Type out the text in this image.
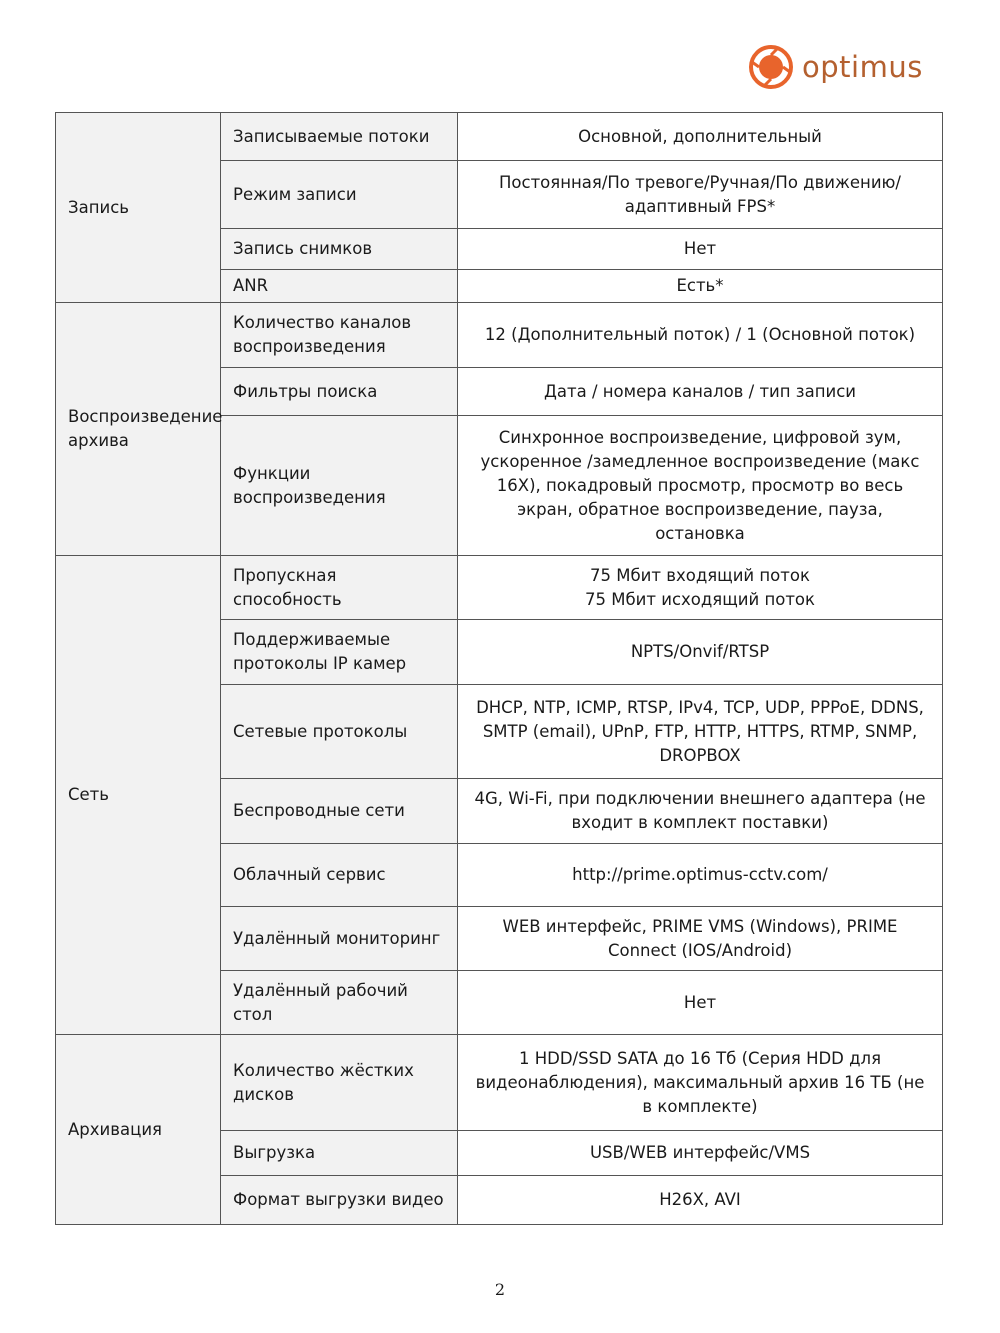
optimus
Запись	Записываемые потоки	Основной, дополнительный
	Режим записи	Постоянная/По тревоге/Ручная/По движению/адаптивный FPS*
	Запись снимков	Нет
	ANR	Есть*
Воспроизведение архива	Количество каналов воспроизведения	12 (Дополнительный поток) / 1 (Основной поток)
	Фильтры поиска	Дата / номера каналов / тип записи
	Функции воспроизведения	Синхронное воспроизведение, цифровой зум, ускоренное /замедленное воспроизведение (макс 16X), покадровый просмотр, просмотр во весь экран, обратное воспроизведение, пауза, остановка
Сеть	Пропускная способность	75 Мбит входящий поток
75 Мбит исходящий поток
	Поддерживаемые протоколы IP камер	NPTS/Onvif/RTSP
	Сетевые протоколы	DHCP, NTP, ICMP, RTSP, IPv4, TCP, UDP, PPPoE, DDNS, SMTP (email), UPnP, FTP, HTTP, HTTPS, RTMP, SNMP, DROPBOX
	Беспроводные сети	4G, Wi-Fi, при подключении внешнего адаптера (не входит в комплект поставки)
	Облачный сервис	http://prime.optimus-cctv.com/
	Удалённый мониторинг	WEB интерфейс, PRIME VMS (Windows), PRIME Connect (IOS/Android)
	Удалённый рабочий стол	Нет
Архивация	Количество жёстких дисков	1 HDD/SSD SATA до 16 Тб (Серия HDD для видеонаблюдения), максимальный архив 16 ТБ (не в комплекте)
	Выгрузка	USB/WEB интерфейс/VMS
	Формат выгрузки видео	H26X, AVI
2
